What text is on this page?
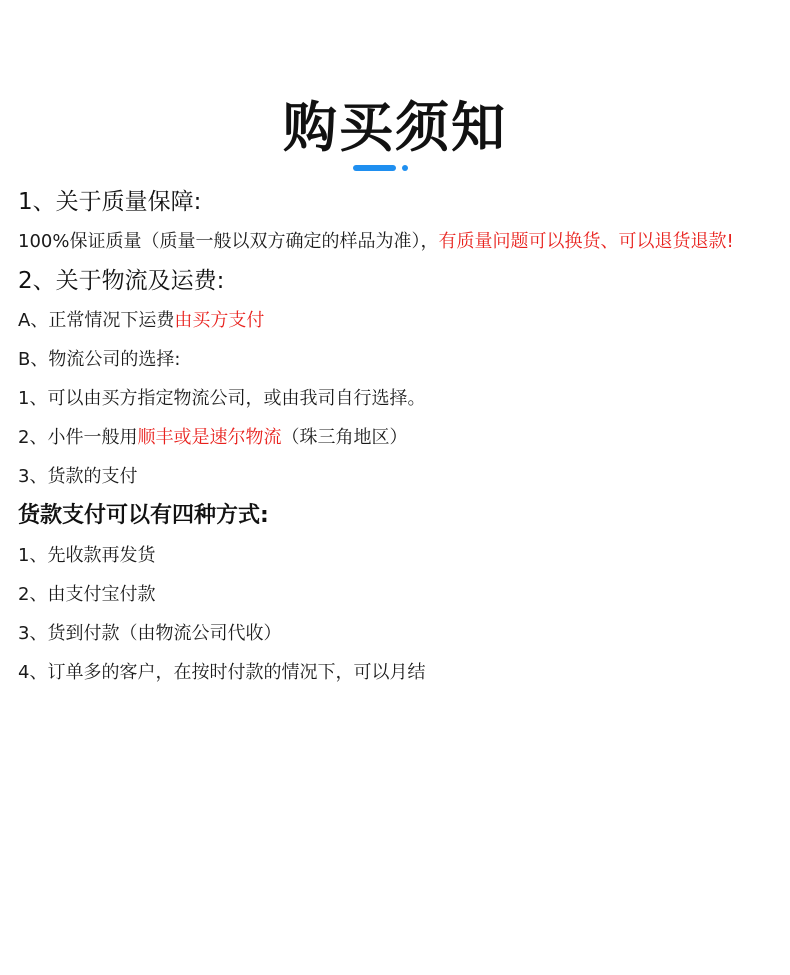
购买须知

1、关于质量保障:

100%保证质量（质量一般以双方确定的样品为准），有质量问题可以换货、可以退货退款!

2、关于物流及运费:

A、正常情况下运费由买方支付

B、物流公司的选择:

1、可以由买方指定物流公司，或由我司自行选择。

2、小件一般用顺丰或是速尔物流（珠三角地区）

3、货款的支付

货款支付可以有四种方式:

1、先收款再发货

2、由支付宝付款

3、货到付款（由物流公司代收）

4、订单多的客户，在按时付款的情况下，可以月结
